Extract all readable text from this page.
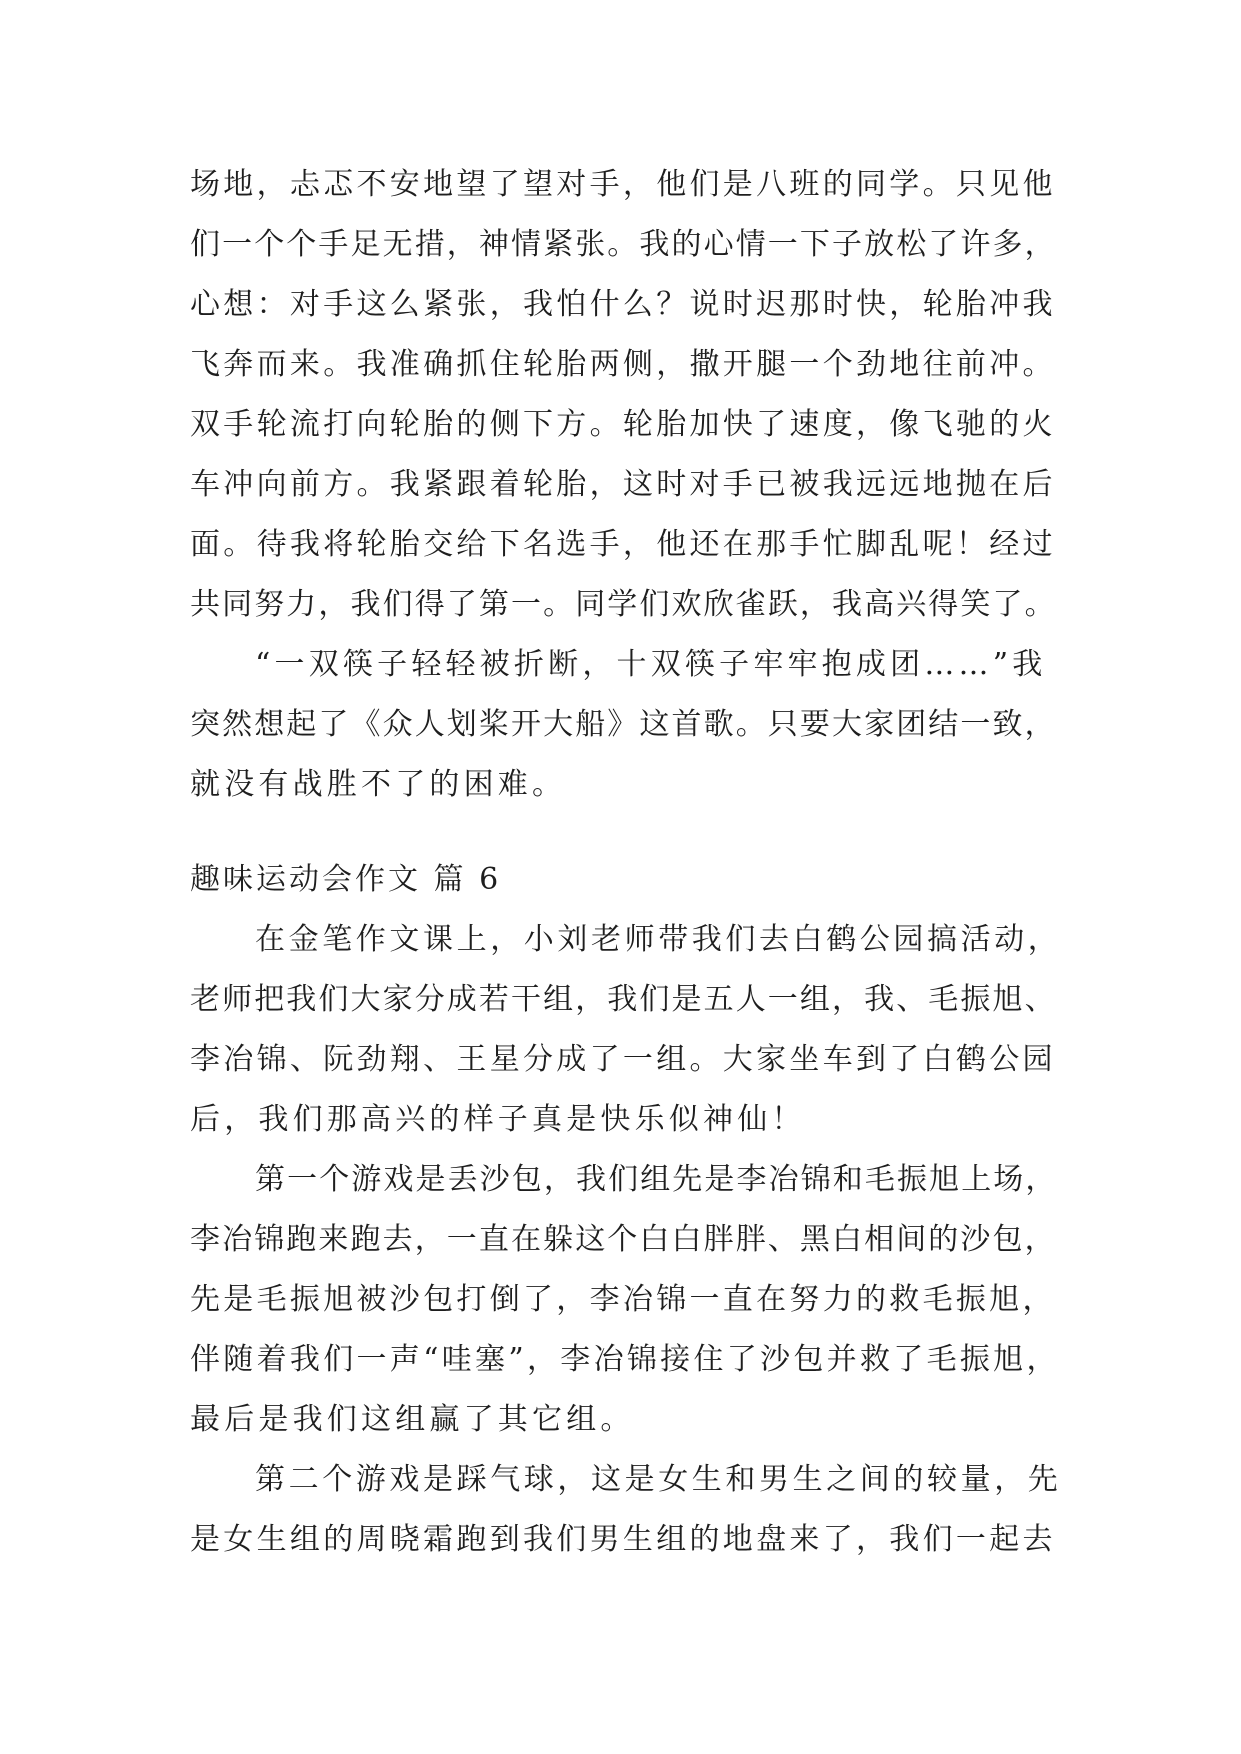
场地，忐忑不安地望了望对手，他们是八班的同学。只见他
们一个个手足无措，神情紧张。我的心情一下子放松了许多，
心想：对手这么紧张，我怕什么？说时迟那时快，轮胎冲我
飞奔而来。我准确抓住轮胎两侧，撒开腿一个劲地往前冲。
双手轮流打向轮胎的侧下方。轮胎加快了速度，像飞驰的火
车冲向前方。我紧跟着轮胎，这时对手已被我远远地抛在后
面。待我将轮胎交给下名选手，他还在那手忙脚乱呢！经过
共同努力，我们得了第一。同学们欢欣雀跃，我高兴得笑了。
“一双筷子轻轻被折断，十双筷子牢牢抱成团……”我
突然想起了《众人划桨开大船》这首歌。只要大家团结一致，
就没有战胜不了的困难。
趣味运动会作文 篇 6
在金笔作文课上，小刘老师带我们去白鹤公园搞活动，
老师把我们大家分成若干组，我们是五人一组，我、毛振旭、
李冶锦、阮劲翔、王星分成了一组。大家坐车到了白鹤公园
后，我们那高兴的样子真是快乐似神仙！
第一个游戏是丢沙包，我们组先是李冶锦和毛振旭上场，
李冶锦跑来跑去，一直在躲这个白白胖胖、黑白相间的沙包，
先是毛振旭被沙包打倒了，李冶锦一直在努力的救毛振旭，
伴随着我们一声“哇塞”，李冶锦接住了沙包并救了毛振旭，
最后是我们这组赢了其它组。
第二个游戏是踩气球，这是女生和男生之间的较量，先
是女生组的周晓霜跑到我们男生组的地盘来了，我们一起去
